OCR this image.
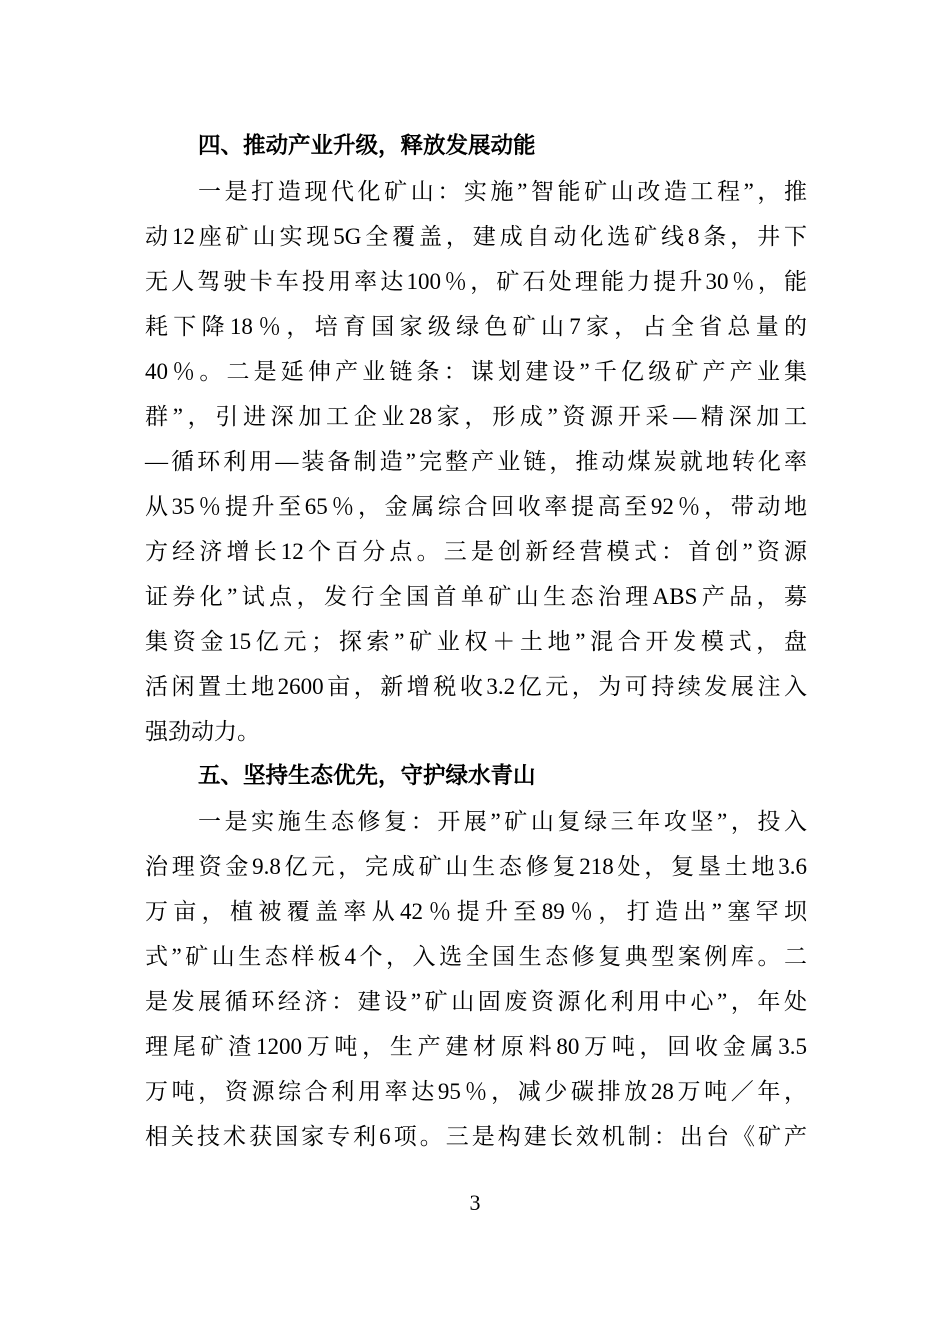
四、推动产业升级，释放发展动能
一是打造现代化矿山：实施”智能矿山改造工程”，推
动12座矿山实现5G全覆盖，建成自动化选矿线8条，井下
无人驾驶卡车投用率达100％，矿石处理能力提升30％，能
耗下降18％，培育国家级绿色矿山7家，占全省总量的
40％。二是延伸产业链条：谋划建设”千亿级矿产产业集
群”，引进深加工企业28家，形成”资源开采—精深加工
—循环利用—装备制造”完整产业链，推动煤炭就地转化率
从35％提升至65％，金属综合回收率提高至92％，带动地
方经济增长12个百分点。三是创新经营模式：首创”资源
证券化”试点，发行全国首单矿山生态治理ABS产品，募
集资金15亿元；探索”矿业权＋土地”混合开发模式，盘
活闲置土地2600亩，新增税收3.2亿元，为可持续发展注入
强劲动力。
五、坚持生态优先，守护绿水青山
一是实施生态修复：开展”矿山复绿三年攻坚”，投入
治理资金9.8亿元，完成矿山生态修复218处，复垦土地3.6
万亩，植被覆盖率从42％提升至89％，打造出”塞罕坝
式”矿山生态样板4个，入选全国生态修复典型案例库。二
是发展循环经济：建设”矿山固废资源化利用中心”，年处
理尾矿渣1200万吨，生产建材原料80万吨，回收金属3.5
万吨，资源综合利用率达95％，减少碳排放28万吨／年，
相关技术获国家专利6项。三是构建长效机制：出台《矿产
3
